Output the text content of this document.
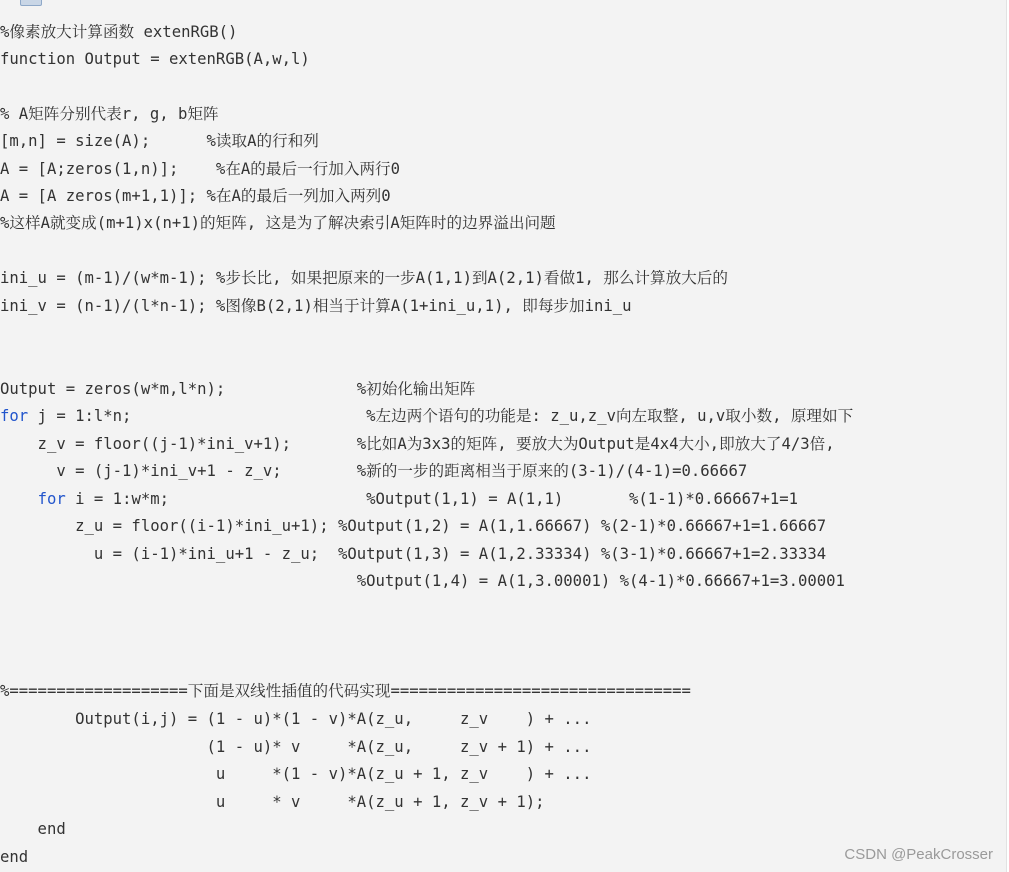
%像素放大计算函数 extenRGB()
function Output = extenRGB(A,w,l)
% A矩阵分别代表r, g, b矩阵
[m,n] = size(A);      %读取A的行和列
A = [A;zeros(1,n)];    %在A的最后一行加入两行0
A = [A zeros(m+1,1)]; %在A的最后一列加入两列0
%这样A就变成(m+1)x(n+1)的矩阵, 这是为了解决索引A矩阵时的边界溢出问题
ini_u = (m-1)/(w*m-1); %步长比, 如果把原来的一步A(1,1)到A(2,1)看做1, 那么计算放大后的
ini_v = (n-1)/(l*n-1); %图像B(2,1)相当于计算A(1+ini_u,1), 即每步加ini_u
Output = zeros(w*m,l*n);              %初始化输出矩阵
for j = 1:l*n;                         %左边两个语句的功能是: z_u,z_v向左取整, u,v取小数, 原理如下
z_v = floor((j-1)*ini_v+1);       %比如A为3x3的矩阵, 要放大为Output是4x4大小,即放大了4/3倍,
v = (j-1)*ini_v+1 - z_v;        %新的一步的距离相当于原来的(3-1)/(4-1)=0.66667
for i = 1:w*m;                     %Output(1,1) = A(1,1)       %(1-1)*0.66667+1=1
z_u = floor((i-1)*ini_u+1); %Output(1,2) = A(1,1.66667) %(2-1)*0.66667+1=1.66667
u = (i-1)*ini_u+1 - z_u;  %Output(1,3) = A(1,2.33334) %(3-1)*0.66667+1=2.33334
%Output(1,4) = A(1,3.00001) %(4-1)*0.66667+1=3.00001
%===================下面是双线性插值的代码实现================================
Output(i,j) = (1 - u)*(1 - v)*A(z_u,     z_v    ) + ...
(1 - u)* v     *A(z_u,     z_v + 1) + ...
u     *(1 - v)*A(z_u + 1, z_v    ) + ...
u     * v     *A(z_u + 1, z_v + 1);
end
end	CSDN @PeakCrosser
